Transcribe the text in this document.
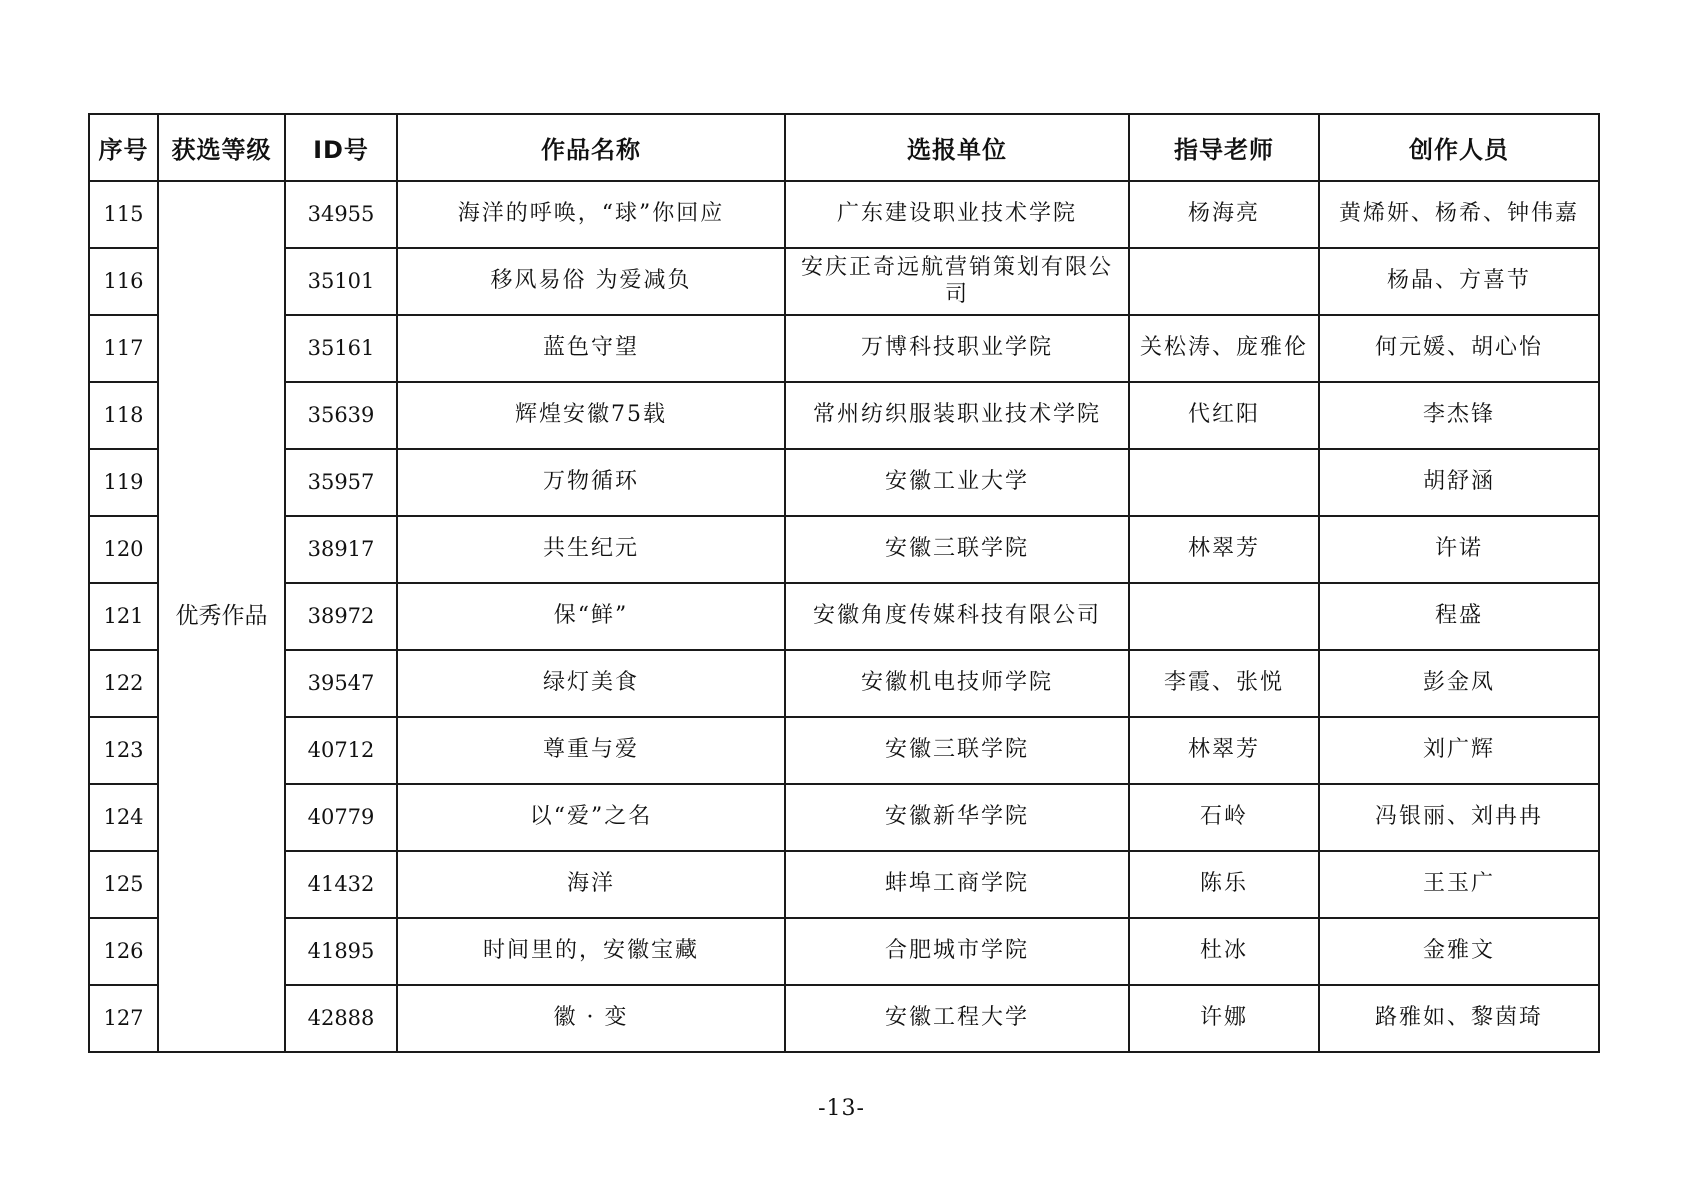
序号	获选等级	ID号	作品名称	选报单位	指导老师	创作人员
115	优秀作品	34955	海洋的呼唤，“球”你回应	广东建设职业技术学院	杨海亮	黄烯妍、杨希、钟伟嘉
116		35101	移风易俗 为爱减负	安庆正奇远航营销策划有限公司		杨晶、方喜节
117		35161	蓝色守望	万博科技职业学院	关松涛、庞雅伦	何元媛、胡心怡
118		35639	辉煌安徽75载	常州纺织服装职业技术学院	代红阳	李杰锋
119		35957	万物循环	安徽工业大学		胡舒涵
120		38917	共生纪元	安徽三联学院	林翠芳	许诺
121		38972	保“鲜”	安徽角度传媒科技有限公司		程盛
122		39547	绿灯美食	安徽机电技师学院	李霞、张悦	彭金凤
123		40712	尊重与爱	安徽三联学院	林翠芳	刘广辉
124		40779	以“爱”之名	安徽新华学院	石岭	冯银丽、刘冉冉
125		41432	海洋	蚌埠工商学院	陈乐	王玉广
126		41895	时间里的，安徽宝藏	合肥城市学院	杜冰	金雅文
127		42888	徽 · 变	安徽工程大学	许娜	路雅如、黎茵琦
-13-
